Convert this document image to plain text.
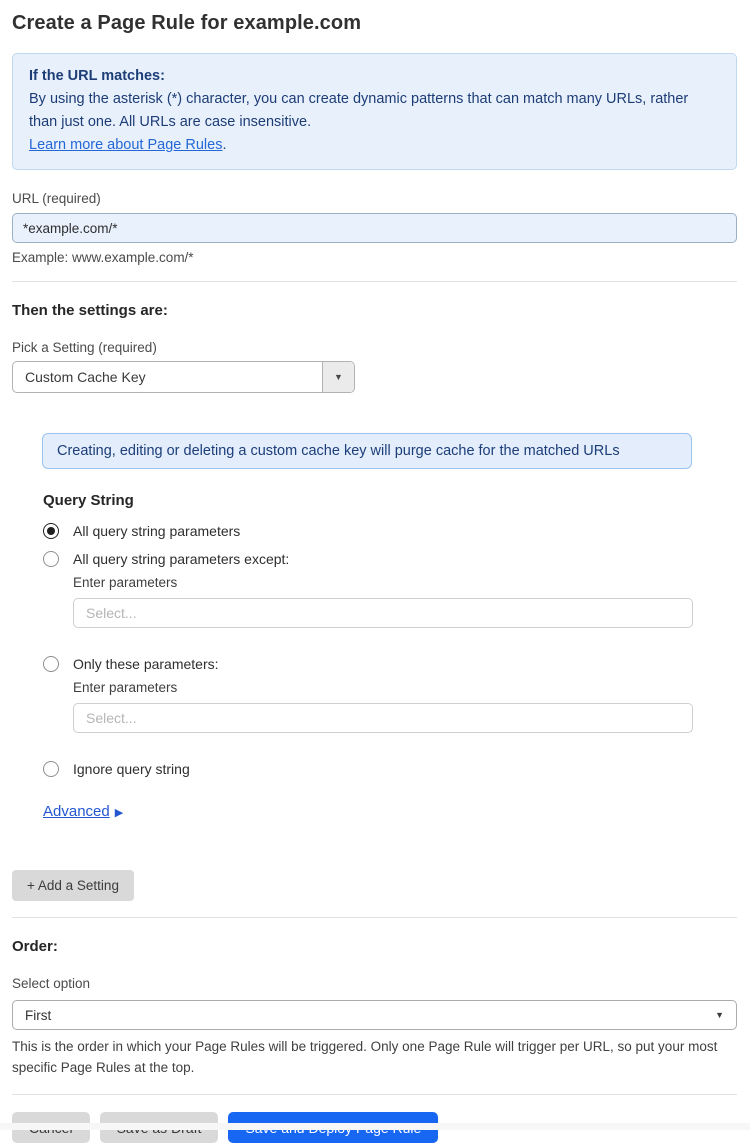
Create a Page Rule for example.com
If the URL matches:
By using the asterisk (*) character, you can create dynamic patterns that can match many URLs, rather than just one. All URLs are case insensitive.
Learn more about Page Rules.
URL (required)
*example.com/*
Example: www.example.com/*
Then the settings are:
Pick a Setting (required)
Custom Cache Key	▼
Creating, editing or deleting a custom cache key will purge cache for the matched URLs
Query String
All query string parameters
All query string parameters except:
Enter parameters
Select...
Only these parameters:
Enter parameters
Select...
Ignore query string
Advanced ▶
+ Add a Setting
Order:
Select option
First	▼
This is the order in which your Page Rules will be triggered. Only one Page Rule will trigger per URL, so put your most specific Page Rules at the top.
